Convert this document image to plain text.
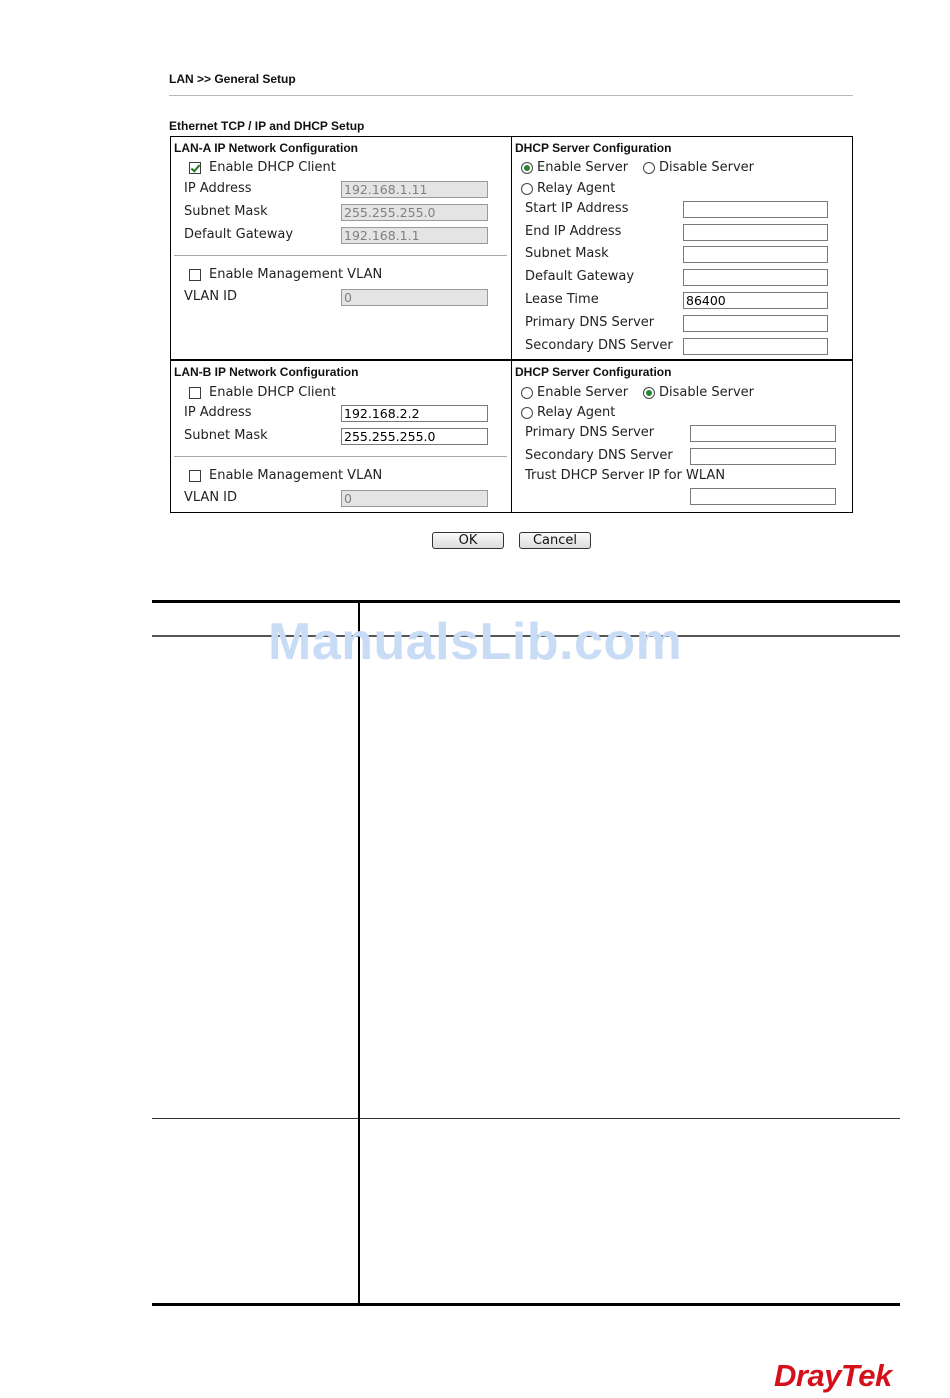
LAN >> General Setup
Ethernet TCP / IP and DHCP Setup
LAN-A IP Network Configuration
Enable DHCP Client
IP Address	192.168.1.11
Subnet Mask	255.255.255.0
Default Gateway	192.168.1.1
Enable Management VLAN
VLAN ID	0
DHCP Server Configuration
Enable Server Disable Server
Relay Agent
Start IP Address
End IP Address
Subnet Mask
Default Gateway
Lease Time	86400
Primary DNS Server
Secondary DNS Server
LAN-B IP Network Configuration
Enable DHCP Client
IP Address	192.168.2.2
Subnet Mask	255.255.255.0
Enable Management VLAN
VLAN ID	0
DHCP Server Configuration
Enable Server Disable Server
Relay Agent
Primary DNS Server
Secondary DNS Server
Trust DHCP Server IP for WLAN
OK	Cancel
ManualsLib.com
DrayTek
